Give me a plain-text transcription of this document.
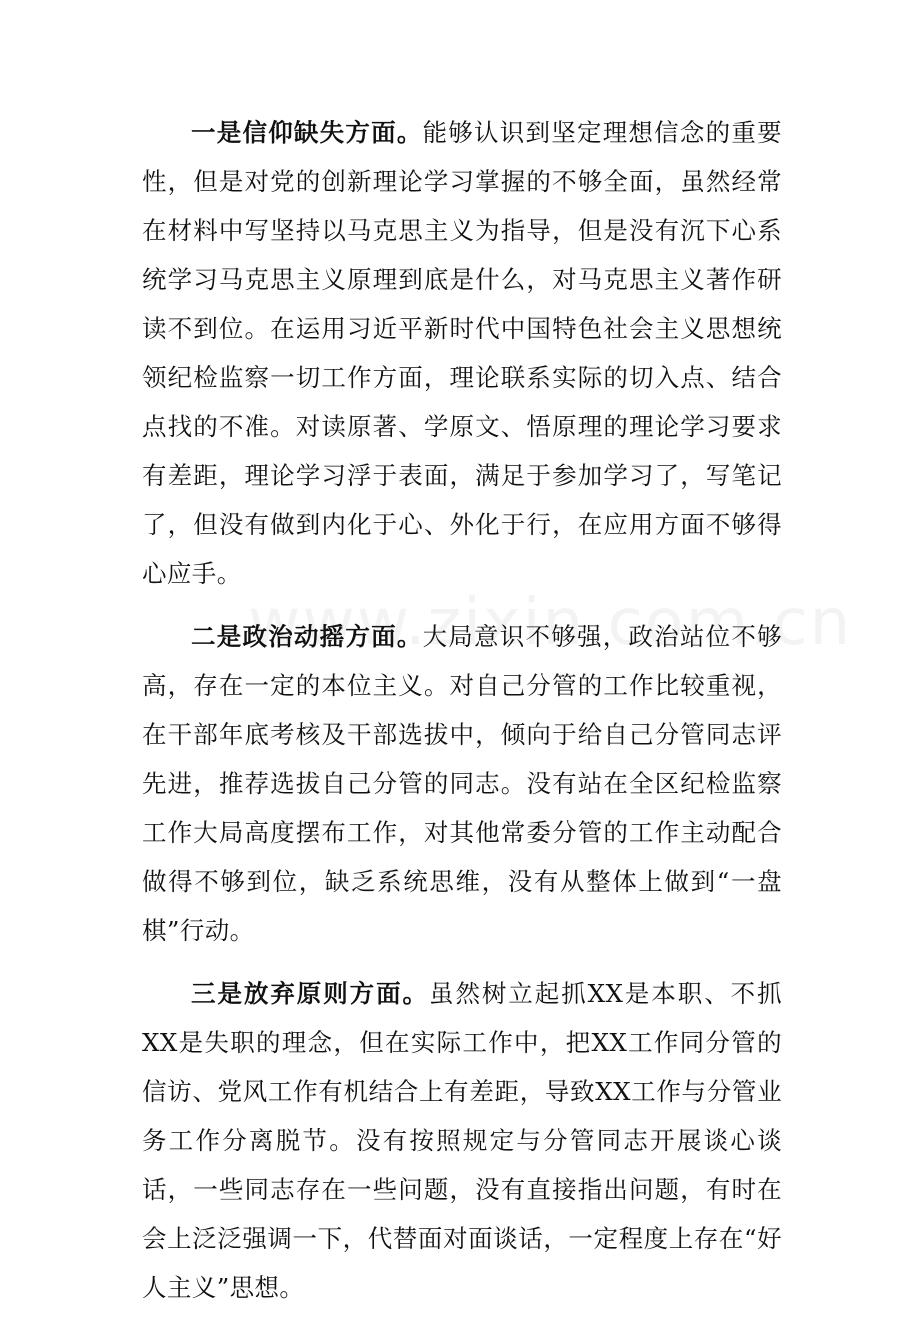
一是信仰缺失方面。能够认识到坚定理想信念的重要性，但是对党的创新理论学习掌握的不够全面，虽然经常在材料中写坚持以马克思主义为指导，但是没有沉下心系统学习马克思主义原理到底是什么，对马克思主义著作研读不到位。在运用习近平新时代中国特色社会主义思想统领纪检监察一切工作方面，理论联系实际的切入点、结合点找的不准。对读原著、学原文、悟原理的理论学习要求有差距，理论学习浮于表面，满足于参加学习了，写笔记了，但没有做到内化于心、外化于行，在应用方面不够得心应手。

二是政治动摇方面。大局意识不够强，政治站位不够高，存在一定的本位主义。对自己分管的工作比较重视，在干部年底考核及干部选拔中，倾向于给自己分管同志评先进，推荐选拔自己分管的同志。没有站在全区纪检监察工作大局高度摆布工作，对其他常委分管的工作主动配合做得不够到位，缺乏系统思维，没有从整体上做到“一盘棋”行动。

三是放弃原则方面。虽然树立起抓XX是本职、不抓XX是失职的理念，但在实际工作中，把XX工作同分管的信访、党风工作有机结合上有差距，导致XX工作与分管业务工作分离脱节。没有按照规定与分管同志开展谈心谈话，一些同志存在一些问题，没有直接指出问题，有时在会上泛泛强调一下，代替面对面谈话，一定程度上存在“好人主义”思想。
